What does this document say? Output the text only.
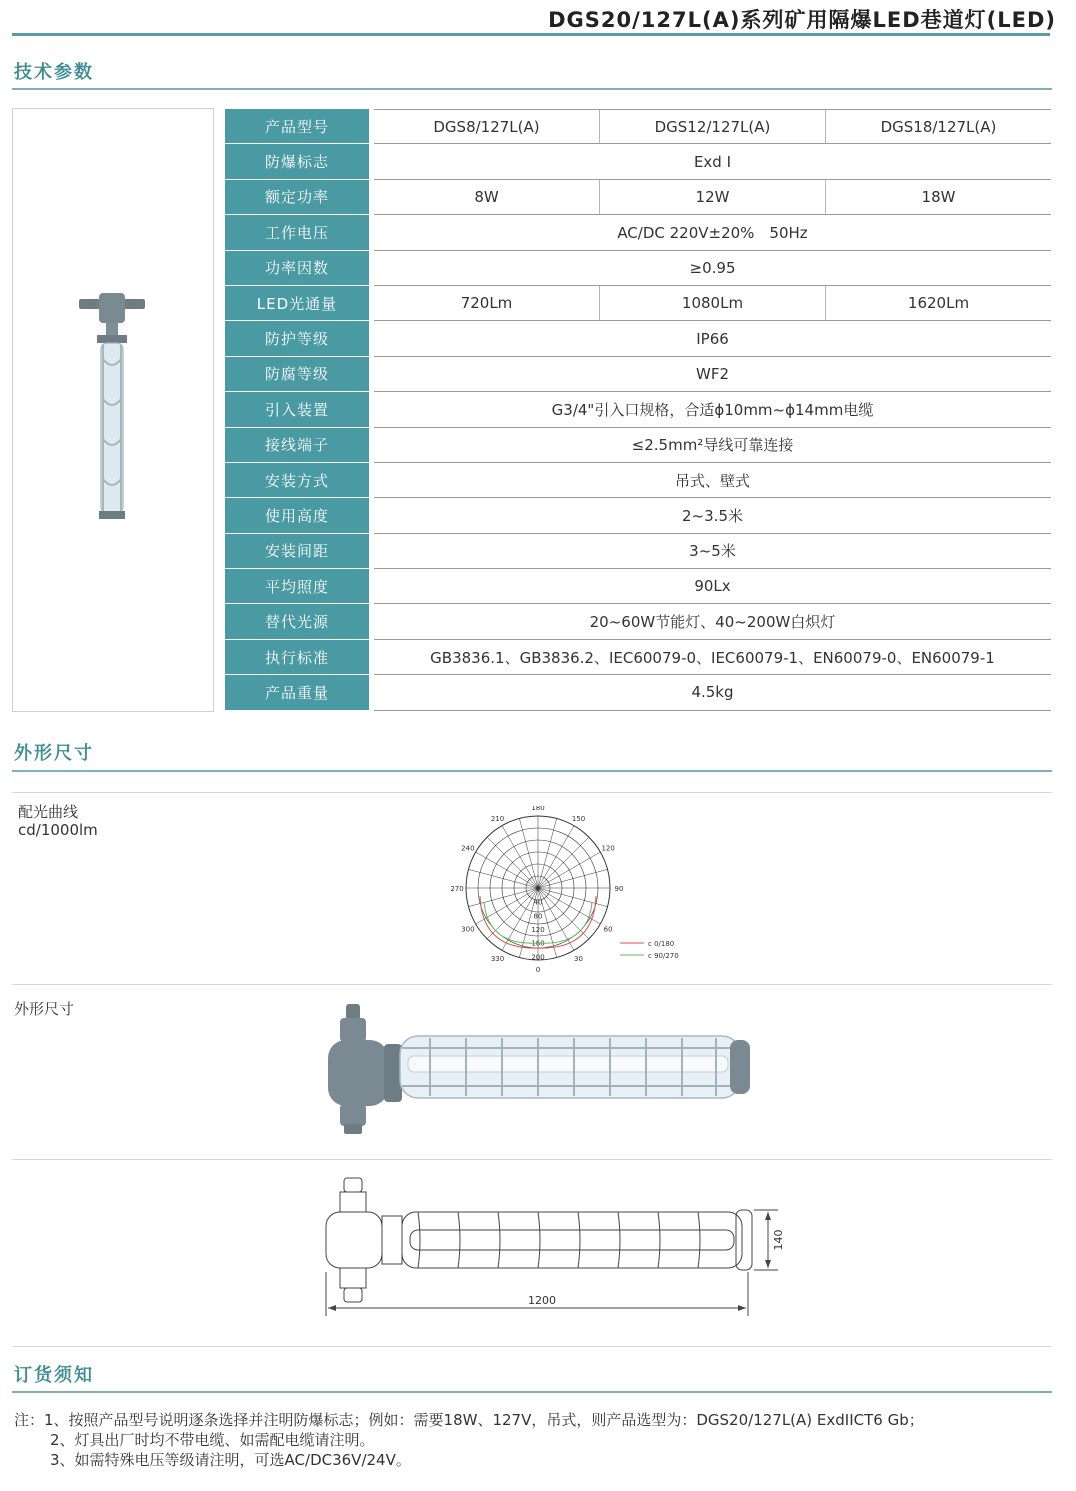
DGS20/127L(A)系列矿用隔爆LED巷道灯(LED)
技术参数
产品型号	DGS8/127L(A)	DGS12/127L(A)	DGS18/127L(A)
防爆标志	Exd I
额定功率	8W	12W	18W
工作电压	AC/DC 220V±20%　50Hz
功率因数	≥0.95
LED光通量	720Lm	1080Lm	1620Lm
防护等级	IP66
防腐等级	WF2
引入装置	G3/4"引入口规格，合适ϕ10mm~ϕ14mm电缆
接线端子	≤2.5mm²导线可靠连接
安装方式	吊式、壁式
使用高度	2~3.5米
安装间距	3~5米
平均照度	90Lx
替代光源	20~60W节能灯、40~200W白炽灯
执行标准	GB3836.1、GB3836.2、IEC60079-0、IEC60079-1、EN60079-0、EN60079-1
产品重量	4.5kg
外形尺寸
配光曲线
cd/1000lm
180
150
120
90
60
30
0
330
300
270
240
210
0
40
80
120
160
200
c 0/180
c 90/270
外形尺寸
1200
140
订货须知
注：1、按照产品型号说明逐条选择并注明防爆标志；例如：需要18W、127V，吊式，则产品选型为：DGS20/127L(A) ExdIICT6 Gb；
2、灯具出厂时均不带电缆、如需配电缆请注明。
3、如需特殊电压等级请注明，可选AC/DC36V/24V。
